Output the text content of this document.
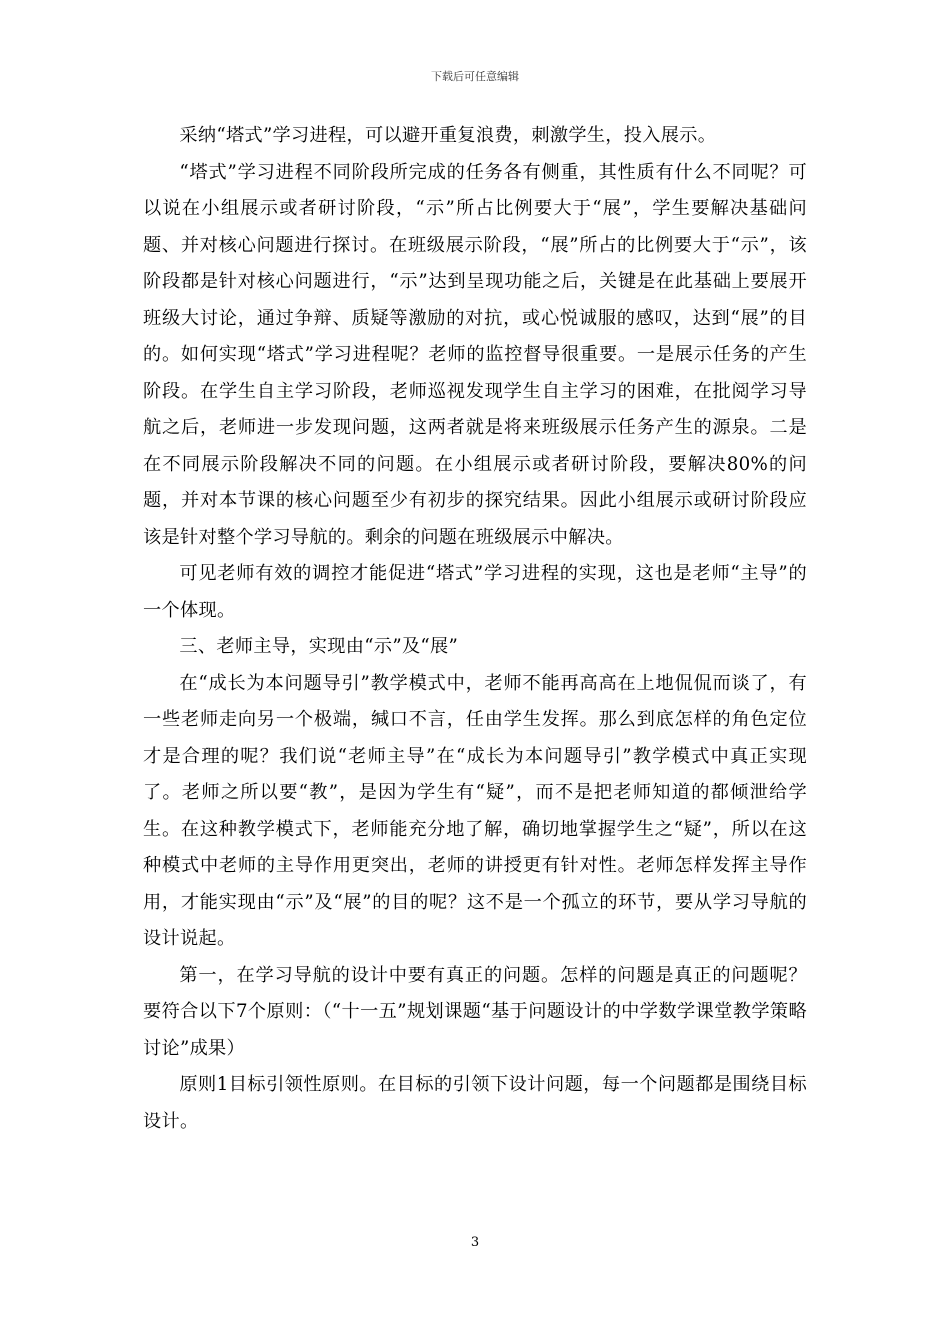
下载后可任意编辑

采纳“塔式”学习进程，可以避开重复浪费，刺激学生，投入展示。

“塔式”学习进程不同阶段所完成的任务各有侧重，其性质有什么不同呢？可以说在小组展示或者研讨阶段，“示”所占比例要大于“展”，学生要解决基础问题、并对核心问题进行探讨。在班级展示阶段，“展”所占的比例要大于“示”，该阶段都是针对核心问题进行，“示”达到呈现功能之后，关键是在此基础上要展开班级大讨论，通过争辩、质疑等激励的对抗，或心悦诚服的感叹，达到“展”的目的。如何实现“塔式”学习进程呢？老师的监控督导很重要。一是展示任务的产生阶段。在学生自主学习阶段，老师巡视发现学生自主学习的困难，在批阅学习导航之后，老师进一步发现问题，这两者就是将来班级展示任务产生的源泉。二是在不同展示阶段解决不同的问题。在小组展示或者研讨阶段，要解决80%的问题，并对本节课的核心问题至少有初步的探究结果。因此小组展示或研讨阶段应该是针对整个学习导航的。剩余的问题在班级展示中解决。

可见老师有效的调控才能促进“塔式”学习进程的实现，这也是老师“主导”的一个体现。

三、老师主导，实现由“示”及“展”

在“成长为本问题导引”教学模式中，老师不能再高高在上地侃侃而谈了，有一些老师走向另一个极端，缄口不言，任由学生发挥。那么到底怎样的角色定位才是合理的呢？我们说“老师主导”在“成长为本问题导引”教学模式中真正实现了。老师之所以要“教”，是因为学生有“疑”，而不是把老师知道的都倾泄给学生。在这种教学模式下，老师能充分地了解，确切地掌握学生之“疑”，所以在这种模式中老师的主导作用更突出，老师的讲授更有针对性。老师怎样发挥主导作用，才能实现由“示”及“展”的目的呢？这不是一个孤立的环节，要从学习导航的设计说起。

第一，在学习导航的设计中要有真正的问题。怎样的问题是真正的问题呢？要符合以下7个原则：（“十一五”规划课题“基于问题设计的中学数学课堂教学策略讨论”成果）

原则1目标引领性原则。在目标的引领下设计问题，每一个问题都是围绕目标设计。

3
